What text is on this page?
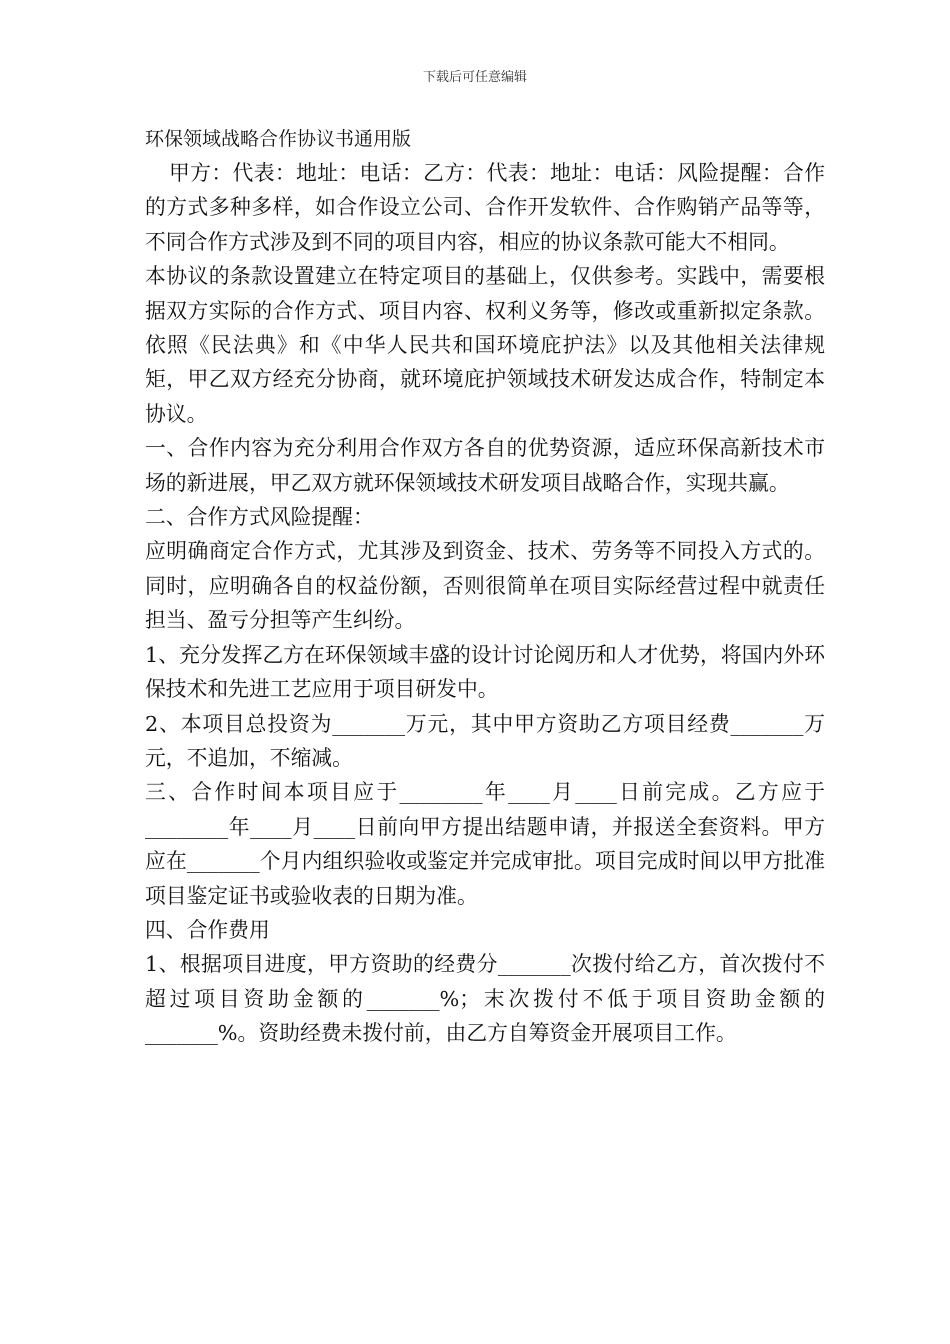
下载后可任意编辑
环保领域战略合作协议书通用版

甲方：代表：地址：电话：乙方：代表：地址：电话：风险提醒：合作的方式多种多样，如合作设立公司、合作开发软件、合作购销产品等等，不同合作方式涉及到不同的项目内容，相应的协议条款可能大不相同。

本协议的条款设置建立在特定项目的基础上，仅供参考。实践中，需要根据双方实际的合作方式、项目内容、权利义务等，修改或重新拟定条款。 依照《民法典》和《中华人民共和国环境庇护法》以及其他相关法律规矩，甲乙双方经充分协商，就环境庇护领域技术研发达成合作，特制定本协议。

一、合作内容为充分利用合作双方各自的优势资源，适应环保高新技术市场的新进展，甲乙双方就环保领域技术研发项目战略合作，实现共赢。

二、合作方式风险提醒：

应明确商定合作方式，尤其涉及到资金、技术、劳务等不同投入方式的。同时，应明确各自的权益份额，否则很简单在项目实际经营过程中就责任担当、盈亏分担等产生纠纷。

1、充分发挥乙方在环保领域丰盛的设计讨论阅历和人才优势，将国内外环保技术和先进工艺应用于项目研发中。

2、本项目总投资为_______万元，其中甲方资助乙方项目经费_______万元，不追加，不缩减。

三、合作时间本项目应于________年____月____日前完成。乙方应于________年____月____日前向甲方提出结题申请，并报送全套资料。甲方应在_______个月内组织验收或鉴定并完成审批。项目完成时间以甲方批准项目鉴定证书或验收表的日期为准。

四、合作费用

1、根据项目进度，甲方资助的经费分_______次拨付给乙方，首次拨付不超过项目资助金额的_______%；末次拨付不低于项目资助金额的_______%。资助经费未拨付前，由乙方自筹资金开展项目工作。
